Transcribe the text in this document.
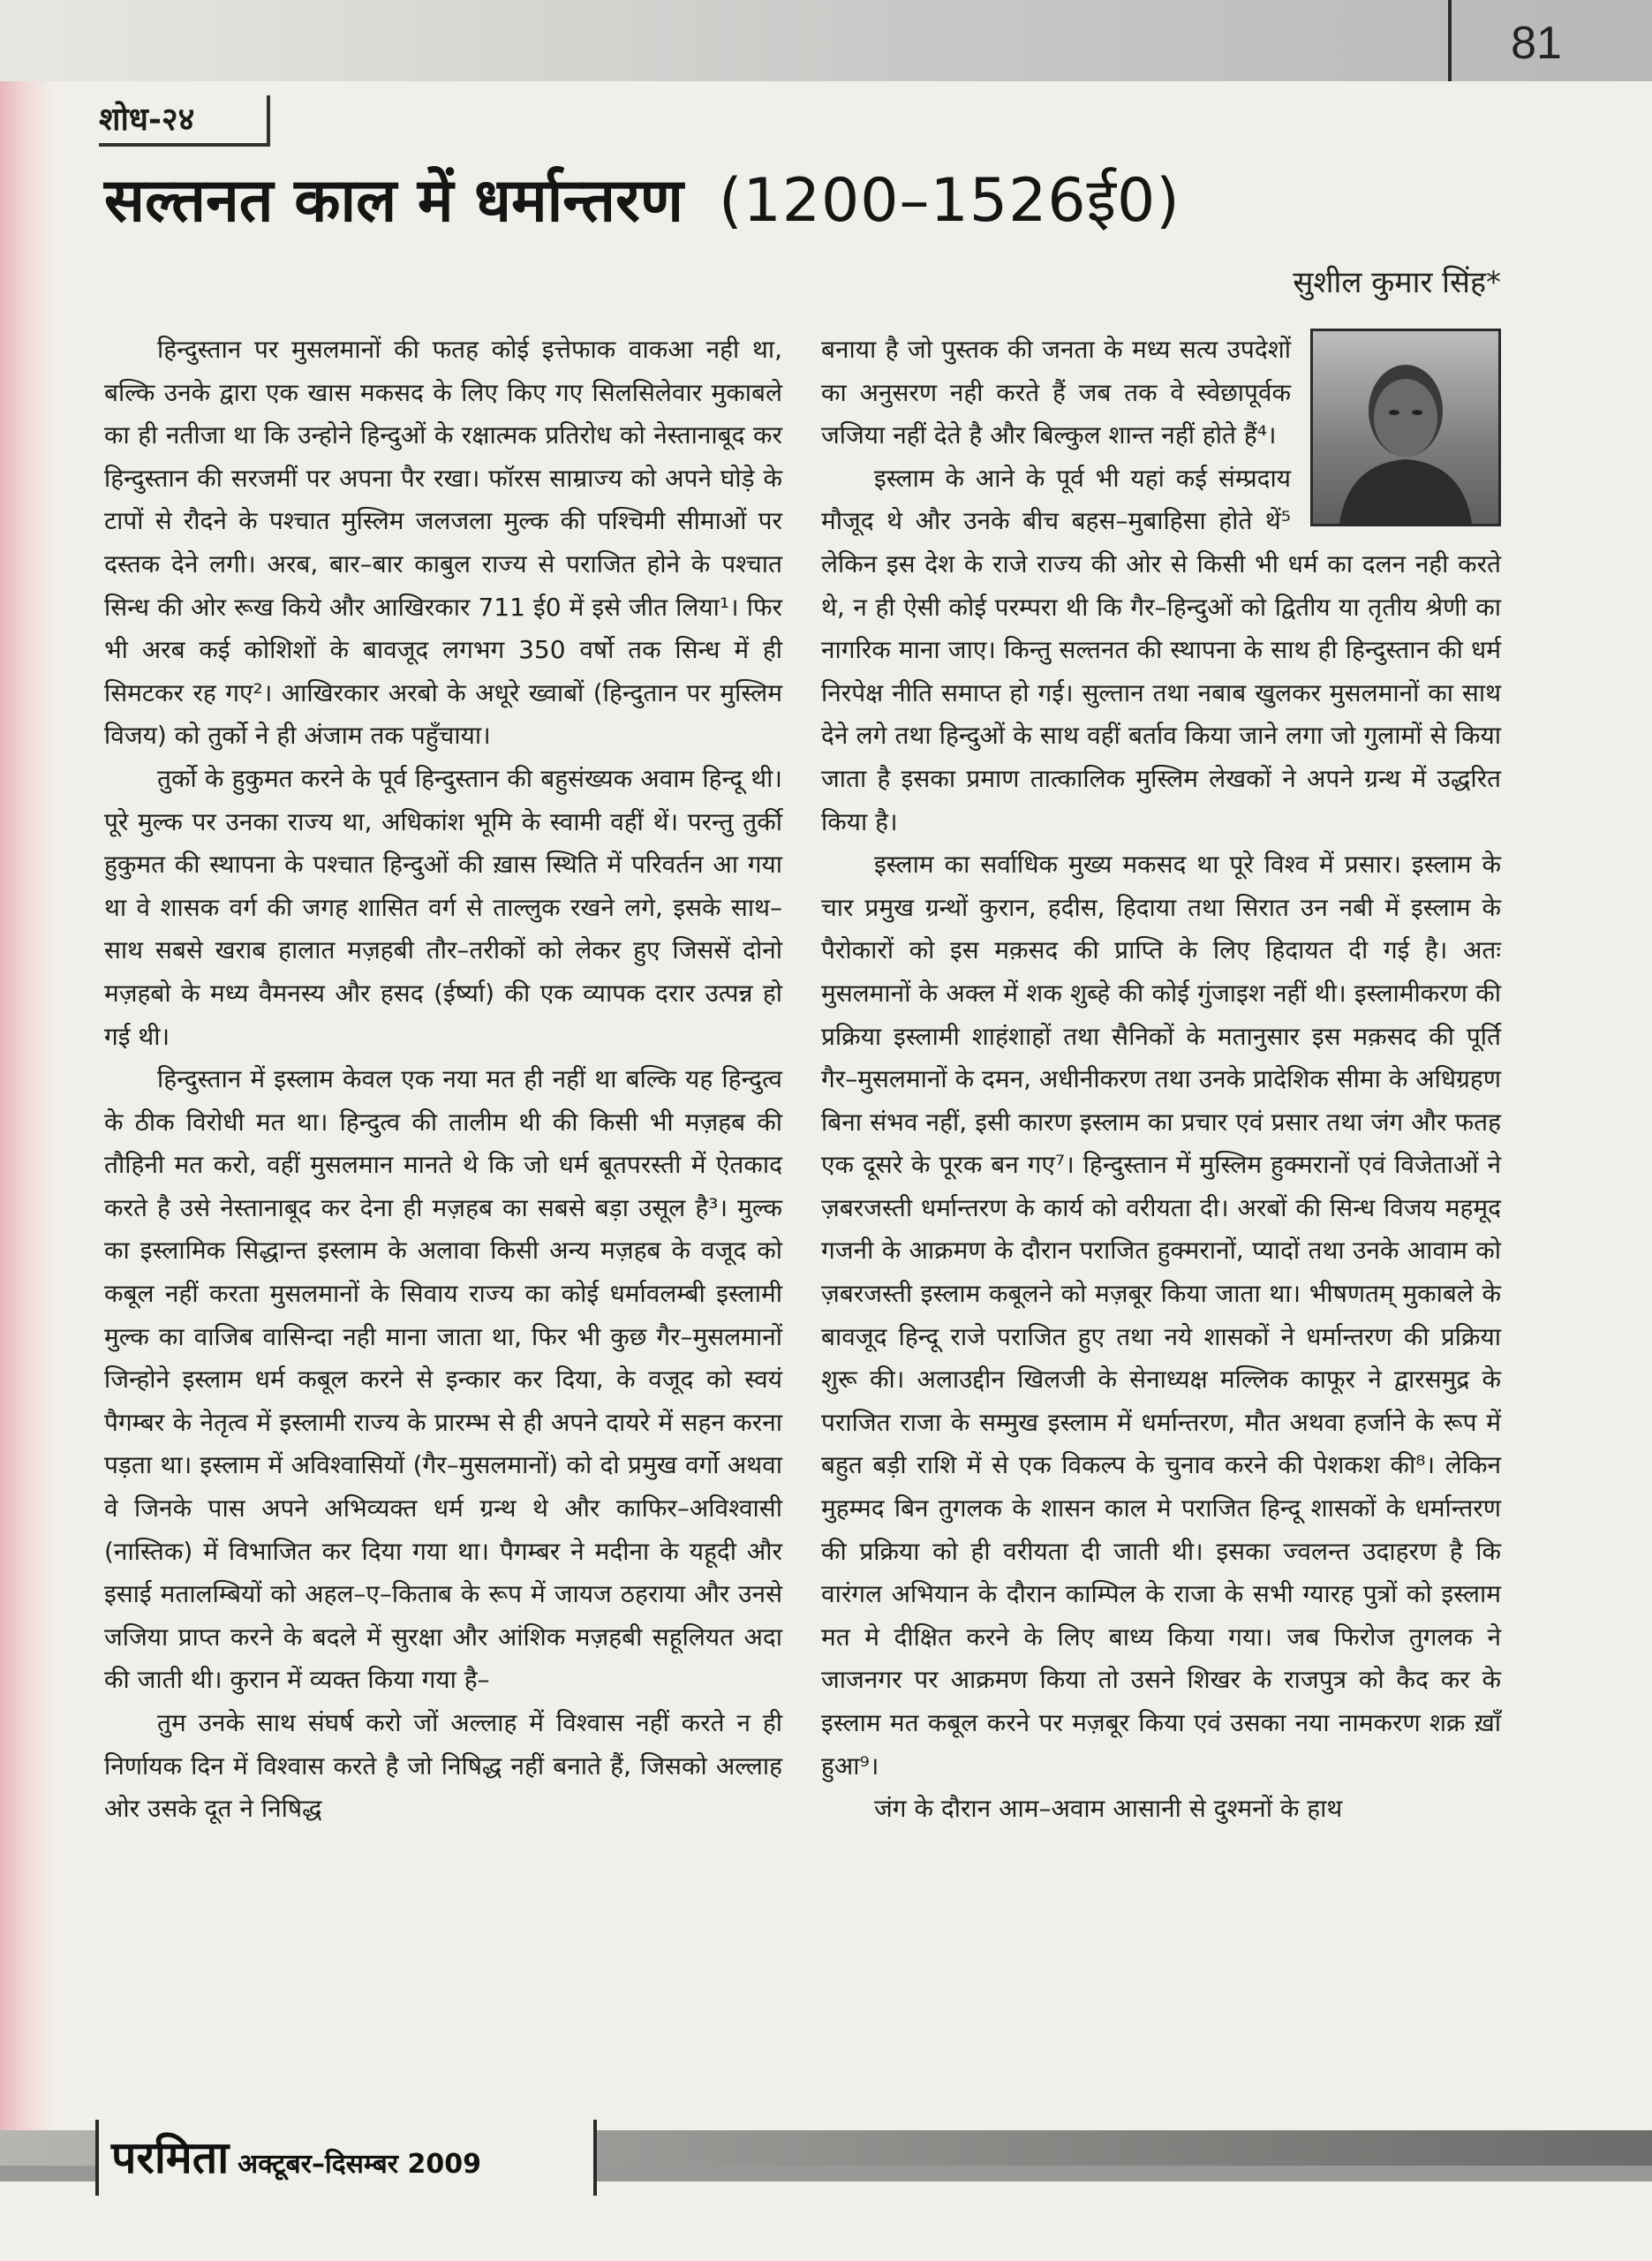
81
शोध-२४
सल्तनत काल में धर्मान्तरण (1200–1526ई0)
सुशील कुमार सिंह*

हिन्दुस्तान पर मुसलमानों की फतह कोई इत्तेफाक वाकआ नही था, बल्कि उनके द्वारा एक खास मकसद के लिए किए गए सिलसिलेवार मुकाबले का ही नतीजा था कि उन्होने हिन्दुओं के रक्षात्मक प्रतिरोध को नेस्तानाबूद कर हिन्दुस्तान की सरजमीं पर अपना पैर रखा। फॉरस साम्राज्य को अपने घोड़े के टापों से रौदने के पश्चात मुस्लिम जलजला मुल्क की पश्चिमी सीमाओं पर दस्तक देने लगी। अरब, बार–बार काबुल राज्य से पराजित होने के पश्चात सिन्ध की ओर रूख किये और आखिरकार 711 ई0 में इसे जीत लिया¹। फिर भी अरब कई कोशिशों के बावजूद लगभग 350 वर्षो तक सिन्ध में ही सिमटकर रह गए²। आखिरकार अरबो के अधूरे ख्वाबों (हिन्दुतान पर मुस्लिम विजय) को तुर्को ने ही अंजाम तक पहुँचाया।

तुर्को के हुकुमत करने के पूर्व हिन्दुस्तान की बहुसंख्यक अवाम हिन्दू थी। पूरे मुल्क पर उनका राज्य था, अधिकांश भूमि के स्वामी वहीं थें। परन्तु तुर्की हुकुमत की स्थापना के पश्चात हिन्दुओं की ख़ास स्थिति में परिवर्तन आ गया था वे शासक वर्ग की जगह शासित वर्ग से ताल्लुक रखने लगे, इसके साथ–साथ सबसे खराब हालात मज़हबी तौर–तरीकों को लेकर हुए जिससें दोनो मज़हबो के मध्य वैमनस्य और हसद (ईर्ष्या) की एक व्यापक दरार उत्पन्न हो गई थी।

हिन्दुस्तान में इस्लाम केवल एक नया मत ही नहीं था बल्कि यह हिन्दुत्व के ठीक विरोधी मत था। हिन्दुत्व की तालीम थी की किसी भी मज़हब की तौहिनी मत करो, वहीं मुसलमान मानते थे कि जो धर्म बूतपरस्ती में ऐतकाद करते है उसे नेस्तानाबूद कर देना ही मज़हब का सबसे बड़ा उसूल है³। मुल्क का इस्लामिक सिद्धान्त इस्लाम के अलावा किसी अन्य मज़हब के वजूद को कबूल नहीं करता मुसलमानों के सिवाय राज्य का कोई धर्मावलम्बी इस्लामी मुल्क का वाजिब वासिन्दा नही माना जाता था, फिर भी कुछ गैर–मुसलमानों जिन्होने इस्लाम धर्म कबूल करने से इन्कार कर दिया, के वजूद को स्वयं पैगम्बर के नेतृत्व में इस्लामी राज्य के प्रारम्भ से ही अपने दायरे में सहन करना पड़ता था। इस्लाम में अविश्वासियों (गैर–मुसलमानों) को दो प्रमुख वर्गो अथवा वे जिनके पास अपने अभिव्यक्त धर्म ग्रन्थ थे और काफिर–अविश्वासी (नास्तिक) में विभाजित कर दिया गया था। पैगम्बर ने मदीना के यहूदी और इसाई मतालम्बियों को अहल–ए–किताब के रूप में जायज ठहराया और उनसे जजिया प्राप्त करने के बदले में सुरक्षा और आंशिक मज़हबी सहूलियत अदा की जाती थी। कुरान में व्यक्त किया गया है–

तुम उनके साथ संघर्ष करो जों अल्लाह में विश्वास नहीं करते न ही निर्णायक दिन में विश्वास करते है जो निषिद्ध नहीं बनाते हैं, जिसको अल्लाह ओर उसके दूत ने निषिद्ध

बनाया है जो पुस्तक की जनता के मध्य सत्य उपदेशों का अनुसरण नही करते हैं जब तक वे स्वेछापूर्वक जजिया नहीं देते है और बिल्कुल शान्त नहीं होते हैं⁴।

इस्लाम के आने के पूर्व भी यहां कई संम्प्रदाय मौजूद थे और उनके बीच बहस–मुबाहिसा होते थें⁵ लेकिन इस देश के राजे राज्य की ओर से किसी भी धर्म का दलन नही करते थे, न ही ऐसी कोई परम्परा थी कि गैर–हिन्दुओं को द्वितीय या तृतीय श्रेणी का नागरिक माना जाए। किन्तु सल्तनत की स्थापना के साथ ही हिन्दुस्तान की धर्म निरपेक्ष नीति समाप्त हो गई। सुल्तान तथा नबाब खुलकर मुसलमानों का साथ देने लगे तथा हिन्दुओं के साथ वहीं बर्ताव किया जाने लगा जो गुलामों से किया जाता है इसका प्रमाण तात्कालिक मुस्लिम लेखकों ने अपने ग्रन्थ में उद्धरित किया है।

इस्लाम का सर्वाधिक मुख्य मकसद था पूरे विश्व में प्रसार। इस्लाम के चार प्रमुख ग्रन्थों कुरान, हदीस, हिदाया तथा सिरात उन नबी में इस्लाम के पैरोकारों को इस मक़सद की प्राप्ति के लिए हिदायत दी गई है। अतः मुसलमानों के अक्ल में शक शुब्हे की कोई गुंजाइश नहीं थी। इस्लामीकरण की प्रक्रिया इस्लामी शाहंशाहों तथा सैनिकों के मतानुसार इस मक़सद की पूर्ति गैर–मुसलमानों के दमन, अधीनीकरण तथा उनके प्रादेशिक सीमा के अधिग्रहण बिना संभव नहीं, इसी कारण इस्लाम का प्रचार एवं प्रसार तथा जंग और फतह एक दूसरे के पूरक बन गए⁷। हिन्दुस्तान में मुस्लिम हुक्मरानों एवं विजेताओं ने ज़बरजस्ती धर्मान्तरण के कार्य को वरीयता दी। अरबों की सिन्ध विजय महमूद गजनी के आक्रमण के दौरान पराजित हुक्मरानों, प्यादों तथा उनके आवाम को ज़बरजस्ती इस्लाम कबूलने को मज़बूर किया जाता था। भीषणतम् मुकाबले के बावजूद हिन्दू राजे पराजित हुए तथा नये शासकों ने धर्मान्तरण की प्रक्रिया शुरू की। अलाउद्दीन खिलजी के सेनाध्यक्ष मल्लिक काफूर ने द्वारसमुद्र के पराजित राजा के सम्मुख इस्लाम में धर्मान्तरण, मौत अथवा हर्जाने के रूप में बहुत बड़ी राशि में से एक विकल्प के चुनाव करने की पेशकश की⁸। लेकिन मुहम्मद बिन तुगलक के शासन काल मे पराजित हिन्दू शासकों के धर्मान्तरण की प्रक्रिया को ही वरीयता दी जाती थी। इसका ज्वलन्त उदाहरण है कि वारंगल अभियान के दौरान काम्पिल के राजा के सभी ग्यारह पुत्रों को इस्लाम मत मे दीक्षित करने के लिए बाध्य किया गया। जब फिरोज तुगलक ने जाजनगर पर आक्रमण किया तो उसने शिखर के राजपुत्र को कैद कर के इस्लाम मत कबूल करने पर मज़बूर किया एवं उसका नया नामकरण शक्र ख़ाँ हुआ⁹।

जंग के दौरान आम–अवाम आसानी से दुश्मनों के हाथ

परमिता अक्टूबर–दिसम्बर 2009
